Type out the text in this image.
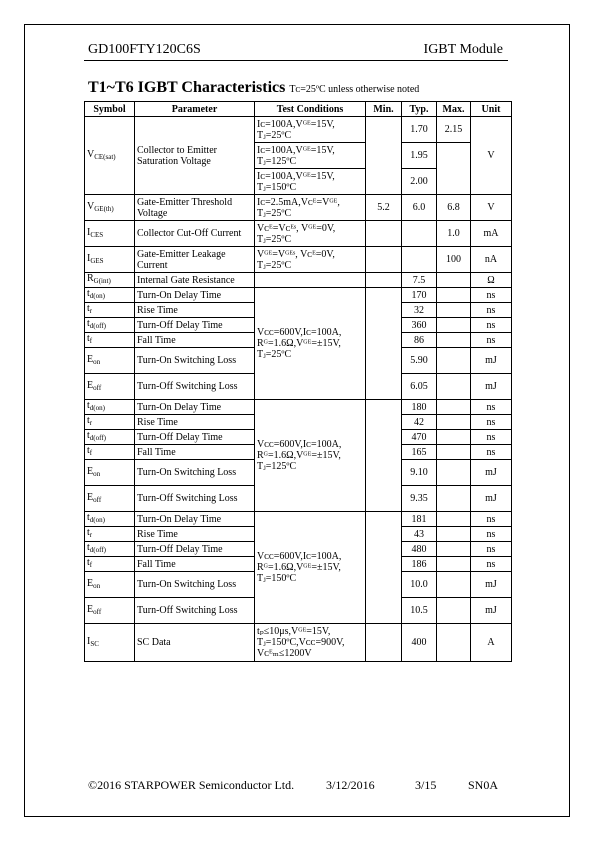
GD100FTY120C6S	IGBT Module
T1~T6 IGBT Characteristics Tᴄ=25ºC unless otherwise noted
Symbol	Parameter	Test Conditions	Min.	Typ.	Max.	Unit
$V_{CE(sat)}$	Collector to Emitter Saturation Voltage	Iᴄ=100A,Vᴳᴱ=15V, Tⱼ=25ºC		1.70	2.15	V
		Iᴄ=100A,Vᴳᴱ=15V, Tⱼ=125ºC		1.95		
		Iᴄ=100A,Vᴳᴱ=15V, Tⱼ=150ºC		2.00		
$V_{GE(th)}$	Gate-Emitter Threshold Voltage	Iᴄ=2.5mA,Vᴄᴱ=Vᴳᴱ, Tⱼ=25ºC	5.2	6.0	6.8	V
$I_{CES}$	Collector Cut-Off Current	Vᴄᴱ=Vᴄᴱˢ, Vᴳᴱ=0V, Tⱼ=25ºC			1.0	mA
$I_{GES}$	Gate-Emitter Leakage Current	Vᴳᴱ=Vᴳᴱˢ, Vᴄᴱ=0V, Tⱼ=25ºC			100	nA
$R_{G(int)}$	Internal Gate Resistance			7.5		Ω
$t_{d(on)}$	Turn-On Delay Time	Vᴄᴄ=600V,Iᴄ=100A, Rᴳ=1.6Ω,Vᴳᴱ=±15V, Tⱼ=25ºC		170		ns
$t_r$	Rise Time			32		ns
$t_{d(off)}$	Turn-Off Delay Time			360		ns
$t_f$	Fall Time			86		ns
$E_{on}$	Turn-On Switching Loss			5.90		mJ
$E_{off}$	Turn-Off Switching Loss			6.05		mJ
$t_{d(on)}$	Turn-On Delay Time	Vᴄᴄ=600V,Iᴄ=100A, Rᴳ=1.6Ω,Vᴳᴱ=±15V, Tⱼ=125ºC		180		ns
$t_r$	Rise Time			42		ns
$t_{d(off)}$	Turn-Off Delay Time			470		ns
$t_f$	Fall Time			165		ns
$E_{on}$	Turn-On Switching Loss			9.10		mJ
$E_{off}$	Turn-Off Switching Loss			9.35		mJ
$t_{d(on)}$	Turn-On Delay Time	Vᴄᴄ=600V,Iᴄ=100A, Rᴳ=1.6Ω,Vᴳᴱ=±15V, Tⱼ=150ºC		181		ns
$t_r$	Rise Time			43		ns
$t_{d(off)}$	Turn-Off Delay Time			480		ns
$t_f$	Fall Time			186		ns
$E_{on}$	Turn-On Switching Loss			10.0		mJ
$E_{off}$	Turn-Off Switching Loss			10.5		mJ
$I_{SC}$	SC Data	tₚ≤10μs,Vᴳᴱ=15V, Tⱼ=150ºC,Vᴄᴄ=900V, Vᴄᴱₘ≤1200V		400		A
©2016 STARPOWER Semiconductor Ltd.	3/12/2016	3/15	SN0A
